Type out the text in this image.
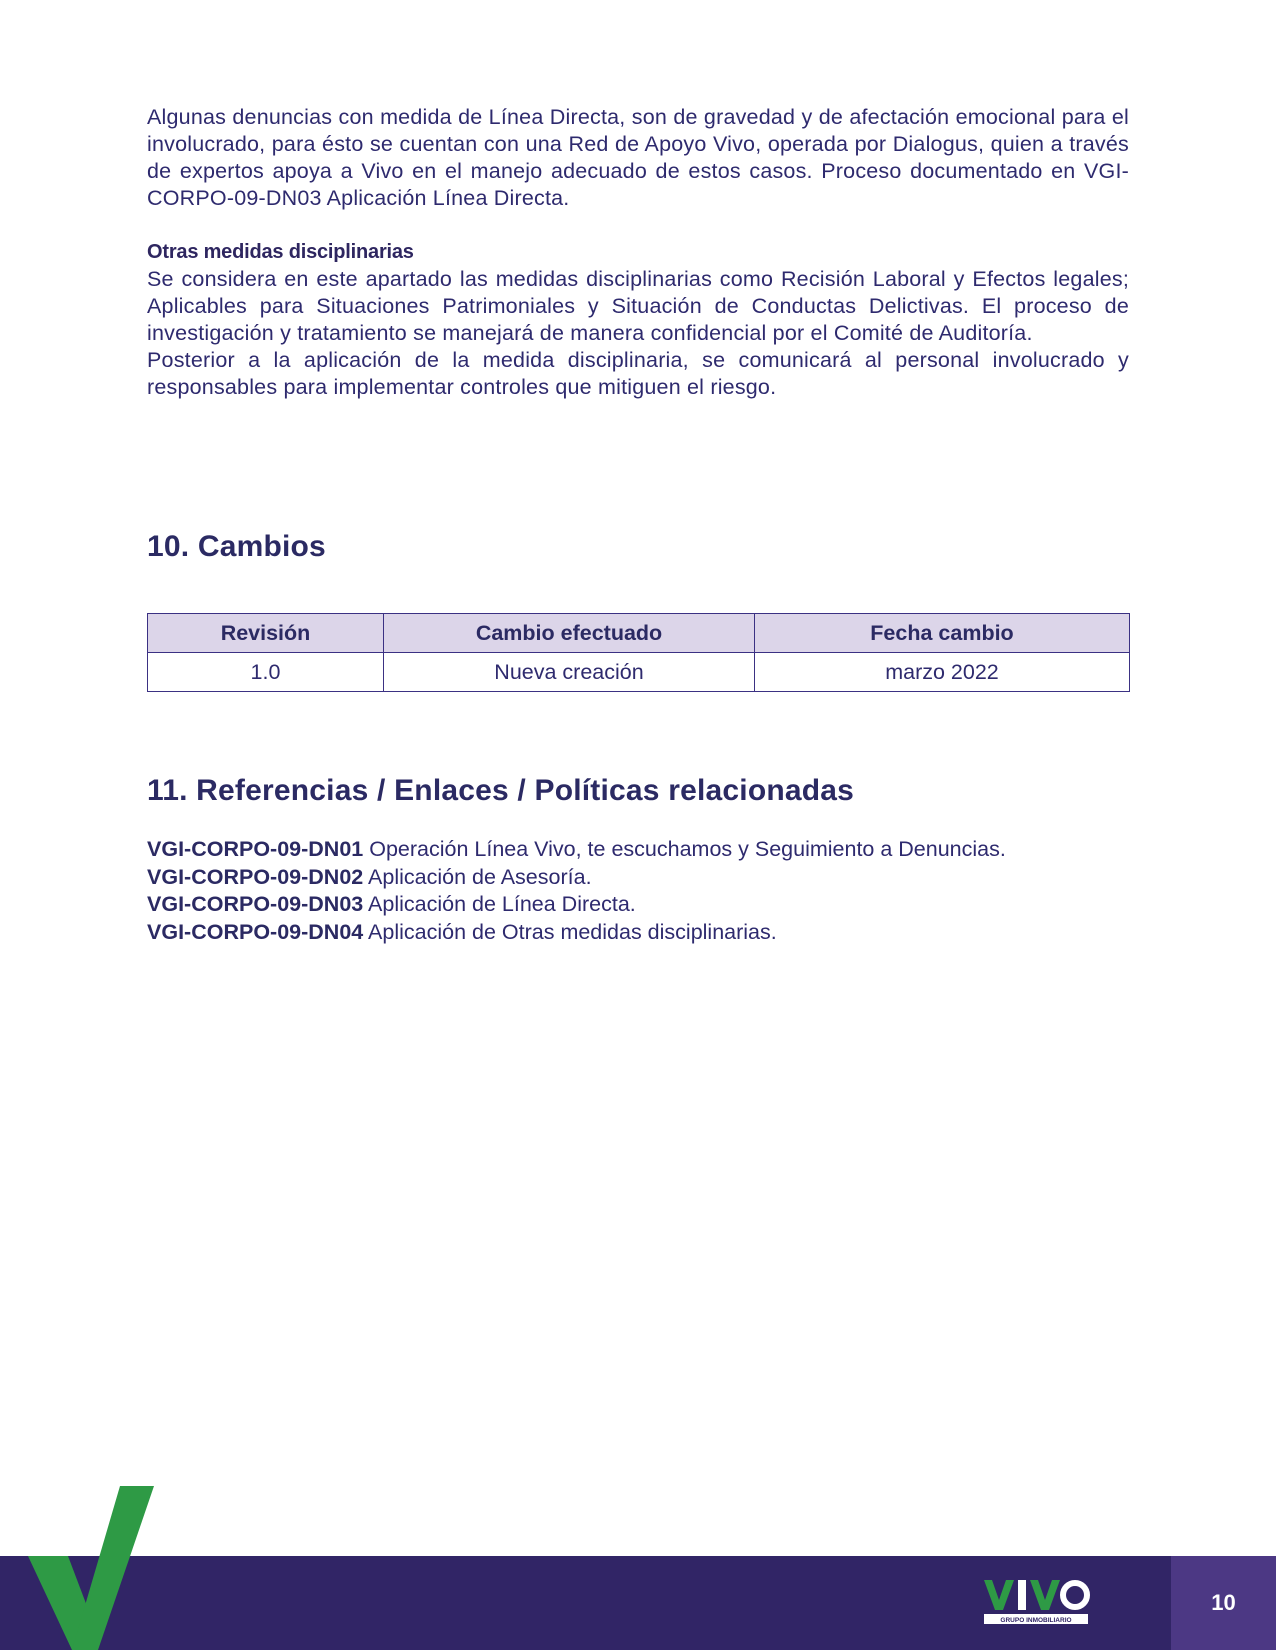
Algunas denuncias con medida de Línea Directa, son de gravedad y de afectación emocional para el involucrado, para ésto se cuentan con una Red de Apoyo Vivo, operada por Dialogus, quien a través de expertos apoya a Vivo en el manejo adecuado de estos casos. Proceso documentado en VGI-CORPO-09-DN03 Aplicación Línea Directa.

Otras medidas disciplinarias

Se considera en este apartado las medidas disciplinarias como Recisión Laboral y Efectos legales; Aplicables para Situaciones Patrimoniales y Situación de Conductas Delictivas. El proceso de investigación y tratamiento se manejará de manera confidencial por el Comité de Auditoría.

Posterior a la aplicación de la medida disciplinaria, se comunicará al personal involucrado y responsables para implementar controles que mitiguen el riesgo.

10. Cambios
Revisión	Cambio efectuado	Fecha cambio
1.0	Nueva creación	marzo 2022
11. Referencias / Enlaces / Políticas relacionadas
VGI-CORPO-09-DN01 Operación Línea Vivo, te escuchamos y Seguimiento a Denuncias.
VGI-CORPO-09-DN02 Aplicación de Asesoría.
VGI-CORPO-09-DN03 Aplicación de Línea Directa.
VGI-CORPO-09-DN04 Aplicación de Otras medidas disciplinarias.
GRUPO INMOBILIARIO
10
